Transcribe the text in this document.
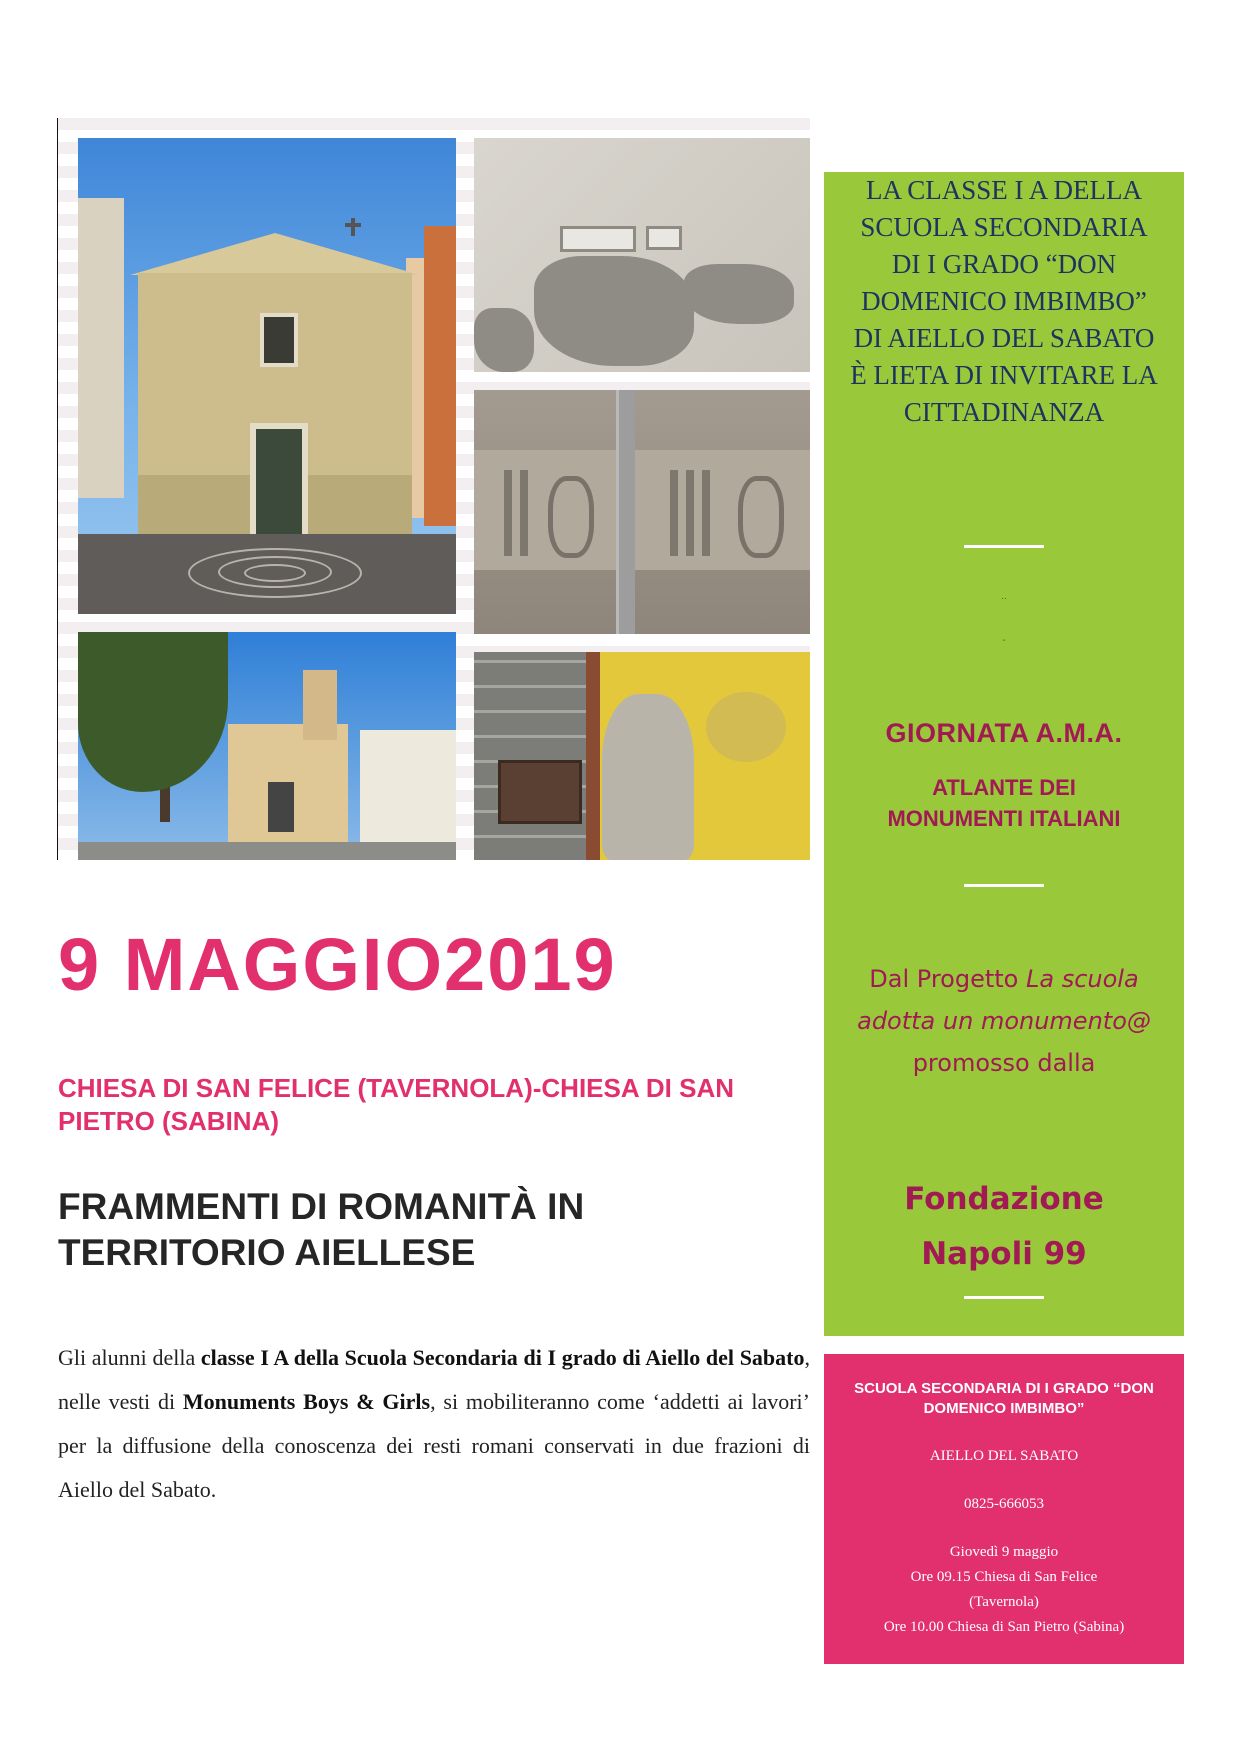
LA CLASSE I A DELLA SCUOLA SECONDARIA DI I GRADO “DON DOMENICO IMBIMBO” DI AIELLO DEL SABATO È LIETA DI INVITARE LA CITTADINANZA
..
-
GIORNATA A.M.A.
ATLANTE DEI MONUMENTI ITALIANI
Dal Progetto La scuola adotta un monumento@ promosso dalla
Fondazione Napoli 99
SCUOLA SECONDARIA DI I GRADO “DON DOMENICO IMBIMBO”
AIELLO DEL SABATO
0825-666053
Giovedì 9 maggio
Ore 09.15 Chiesa di San Felice
(Tavernola)
Ore 10.00 Chiesa di San Pietro (Sabina)
9 MAGGIO2019
CHIESA DI SAN FELICE (TAVERNOLA)-CHIESA DI SAN PIETRO (SABINA)
FRAMMENTI DI ROMANITÀ IN TERRITORIO AIELLESE
Gli alunni della classe I A della Scuola Secondaria di I grado di Aiello del Sabato, nelle vesti di Monuments Boys & Girls, si mobiliteranno come ‘addetti ai lavori’ per la diffusione della conoscenza dei resti romani conservati in due frazioni di Aiello del Sabato.
